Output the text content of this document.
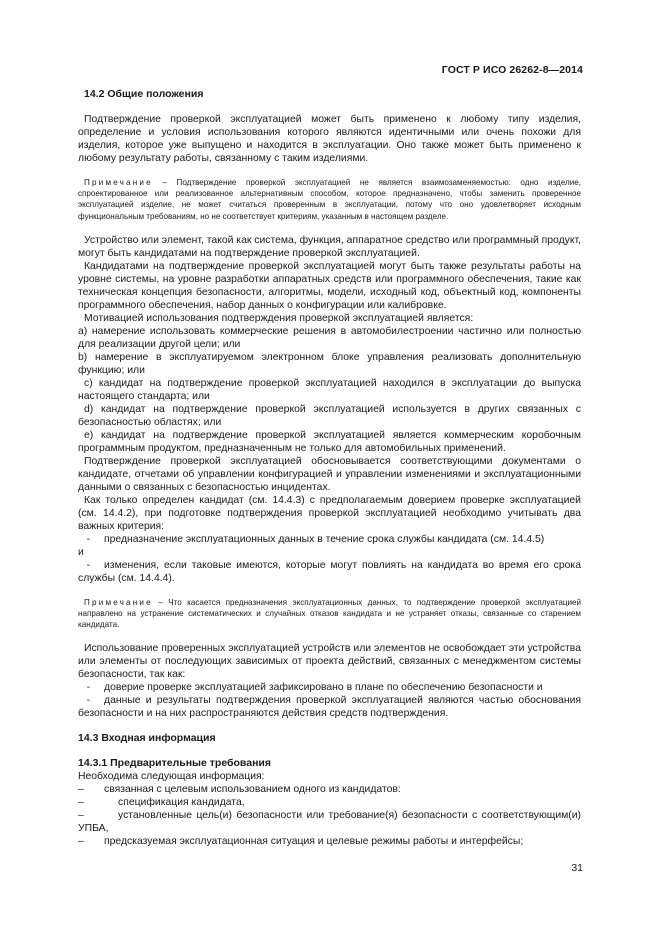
ГОСТ Р ИСО 26262-8—2014
14.2 Общие положения

Подтверждение проверкой эксплуатацией может быть применено к любому типу изделия, определение и условия использования которого являются идентичными или очень похожи для изделия, которое уже выпущено и находится в эксплуатации. Оно также может быть применено к любому результату работы, связанному с таким изделиями.

Примечание – Подтверждение проверкой эксплуатацией не является взаимозаменяемостью: одно изделие, спроектированное или реализованное альтернативным способом, которое предназначено, чтобы заменить проверенное эксплуатацией изделие, не может считаться проверенным в эксплуатации, потому что оно удовлетворяет исходным функциональным требованиям, но не соответствует критериям, указанным в настоящем разделе.

Устройство или элемент, такой как система, функция, аппаратное средство или программный продукт, могут быть кандидатами на подтверждение проверкой эксплуатацией.

Кандидатами на подтверждение проверкой эксплуатацией могут быть также результаты работы на уровне системы, на уровне разработки аппаратных средств или программного обеспечения, такие как техническая концепция безопасности, алгоритмы, модели, исходный код, объектный код, компоненты программного обеспечения, набор данных о конфигурации или калибровке.

Мотивацией использования подтверждения проверкой эксплуатацией является:

а) намерение использовать коммерческие решения в автомобилестроении частично или полностью для реализации другой цели; или

b) намерение в эксплуатируемом электронном блоке управления реализовать дополнительную функцию; или

c) кандидат на подтверждение проверкой эксплуатацией находился в эксплуатации до выпуска настоящего стандарта; или

d) кандидат на подтверждение проверкой эксплуатацией используется в других связанных с безопасностью областях; или

е) кандидат на подтверждение проверкой эксплуатацией является коммерческим коробочным программным продуктом, предназначенным не только для автомобильных применений.

Подтверждение проверкой эксплуатацией обосновывается соответствующими документами о кандидате, отчетами об управлении конфигурацией и управлении изменениями и эксплуатационными данными о связанных с безопасностью инцидентах.

Как только определен кандидат (см. 14.4.3) с предполагаемым доверием проверке эксплуатацией (см. 14.4.2), при подготовке подтверждения проверкой эксплуатацией необходимо учитывать два важных критерия:

- предназначение эксплуатационных данных в течение срока службы кандидата (см. 14.4.5)

и

- изменения, если таковые имеются, которые могут повлиять на кандидата во время его срока службы (см. 14.4.4).

Примечание – Что касается предназначения эксплуатационных данных, то подтверждение проверкой эксплуатацией направлено на устранение систематических и случайных отказов кандидата и не устраняет отказы, связанные со старением кандидата.

Использование проверенных эксплуатацией устройств или элементов не освобождает эти устройства или элементы от последующих зависимых от проекта действий, связанных с менеджментом системы безопасности, так как:

- доверие проверке эксплуатацией зафиксировано в плане по обеспечению безопасности и

- данные и результаты подтверждения проверкой эксплуатацией являются частью обоснования безопасности и на них распространяются действия средств подтверждения.

14.3 Входная информация
14.3.1 Предварительные требования

Необходима следующая информация:

– связанная с целевым использованием одного из кандидатов:

–	спецификация кандидата,

–	установленные цель(и) безопасности или требование(я) безопасности с соответствующим(и) УПБА,

– предсказуемая эксплуатационная ситуация и целевые режимы работы и интерфейсы;

31
